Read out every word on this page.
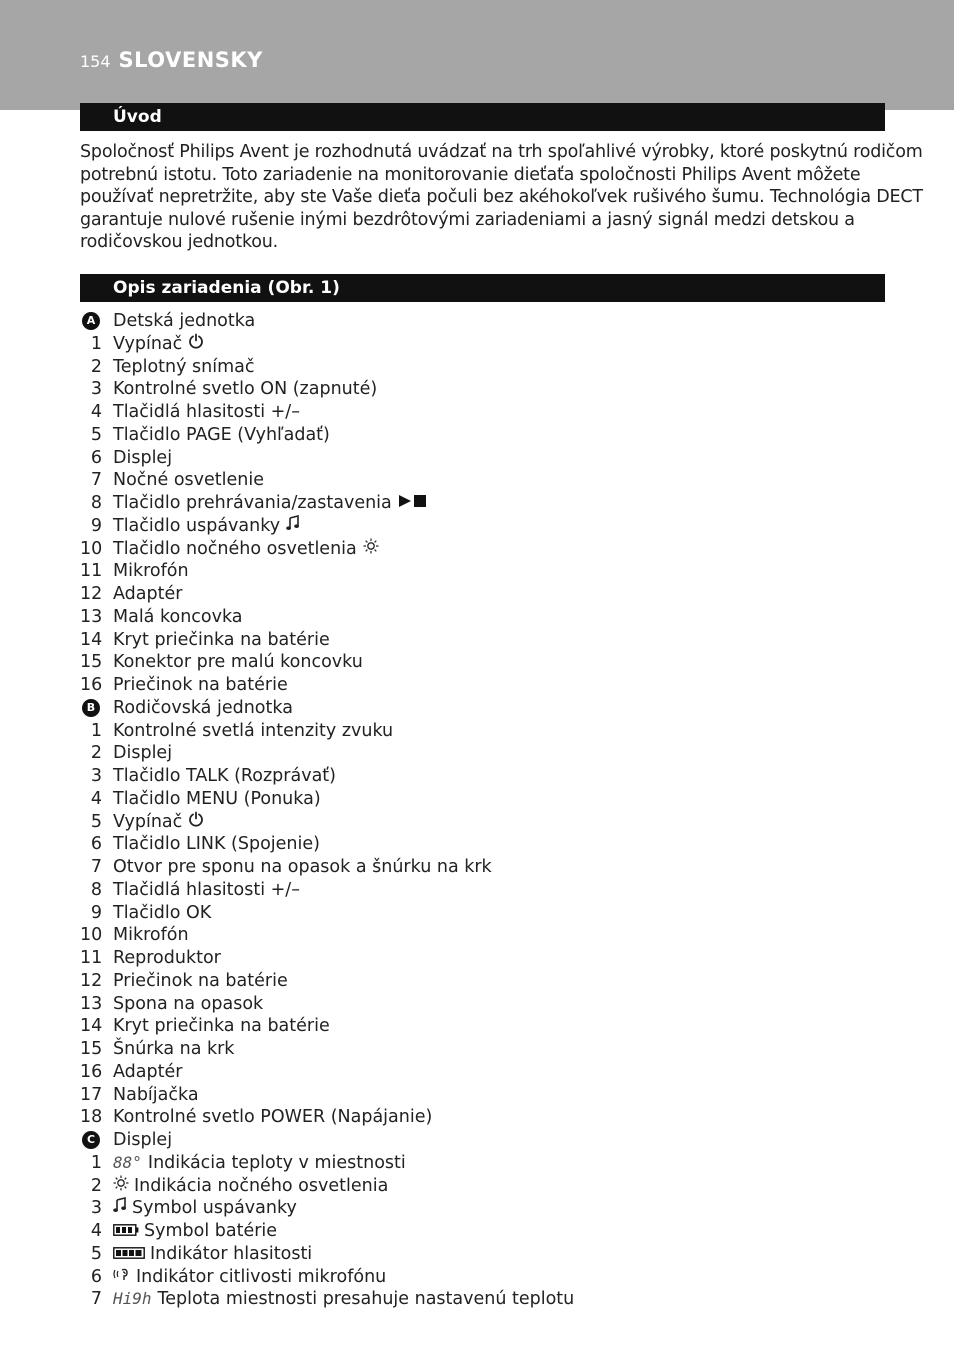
154 SLOVENSKY
Úvod
Spoločnosť Philips Avent je rozhodnutá uvádzať na trh spoľahlivé výrobky, ktoré poskytnú rodičom
potrebnú istotu. Toto zariadenie na monitorovanie dieťaťa spoločnosti Philips Avent môžete
používať nepretržite, aby ste Vaše dieťa počuli bez akéhokoľvek rušivého šumu. Technológia DECT
garantuje nulové rušenie inými bezdrôtovými zariadeniami a jasný signál medzi detskou a
rodičovskou jednotkou.
Opis zariadenia (Obr. 1)
A Detská jednotka
1 Vypínač
2 Teplotný snímač
3 Kontrolné svetlo ON (zapnuté)
4 Tlačidlá hlasitosti +/–
5 Tlačidlo PAGE (Vyhľadať)
6 Displej
7 Nočné osvetlenie
8 Tlačidlo prehrávania/zastavenia
9 Tlačidlo uspávanky
10 Tlačidlo nočného osvetlenia
11 Mikrofón
12 Adaptér
13 Malá koncovka
14 Kryt priečinka na batérie
15 Konektor pre malú koncovku
16 Priečinok na batérie
B Rodičovská jednotka
1 Kontrolné svetlá intenzity zvuku
2 Displej
3 Tlačidlo TALK (Rozprávať)
4 Tlačidlo MENU (Ponuka)
5 Vypínač
6 Tlačidlo LINK (Spojenie)
7 Otvor pre sponu na opasok a šnúrku na krk
8 Tlačidlá hlasitosti +/–
9 Tlačidlo OK
10 Mikrofón
11 Reproduktor
12 Priečinok na batérie
13 Spona na opasok
14 Kryt priečinka na batérie
15 Šnúrka na krk
16 Adaptér
17 Nabíjačka
18 Kontrolné svetlo POWER (Napájanie)
C Displej
1 88° Indikácia teploty v miestnosti
2 Indikácia nočného osvetlenia
3 Symbol uspávanky
4 Symbol batérie
5	Indikátor hlasitosti
6 Indikátor citlivosti mikrofónu
7 Hi9h Teplota miestnosti presahuje nastavenú teplotu
